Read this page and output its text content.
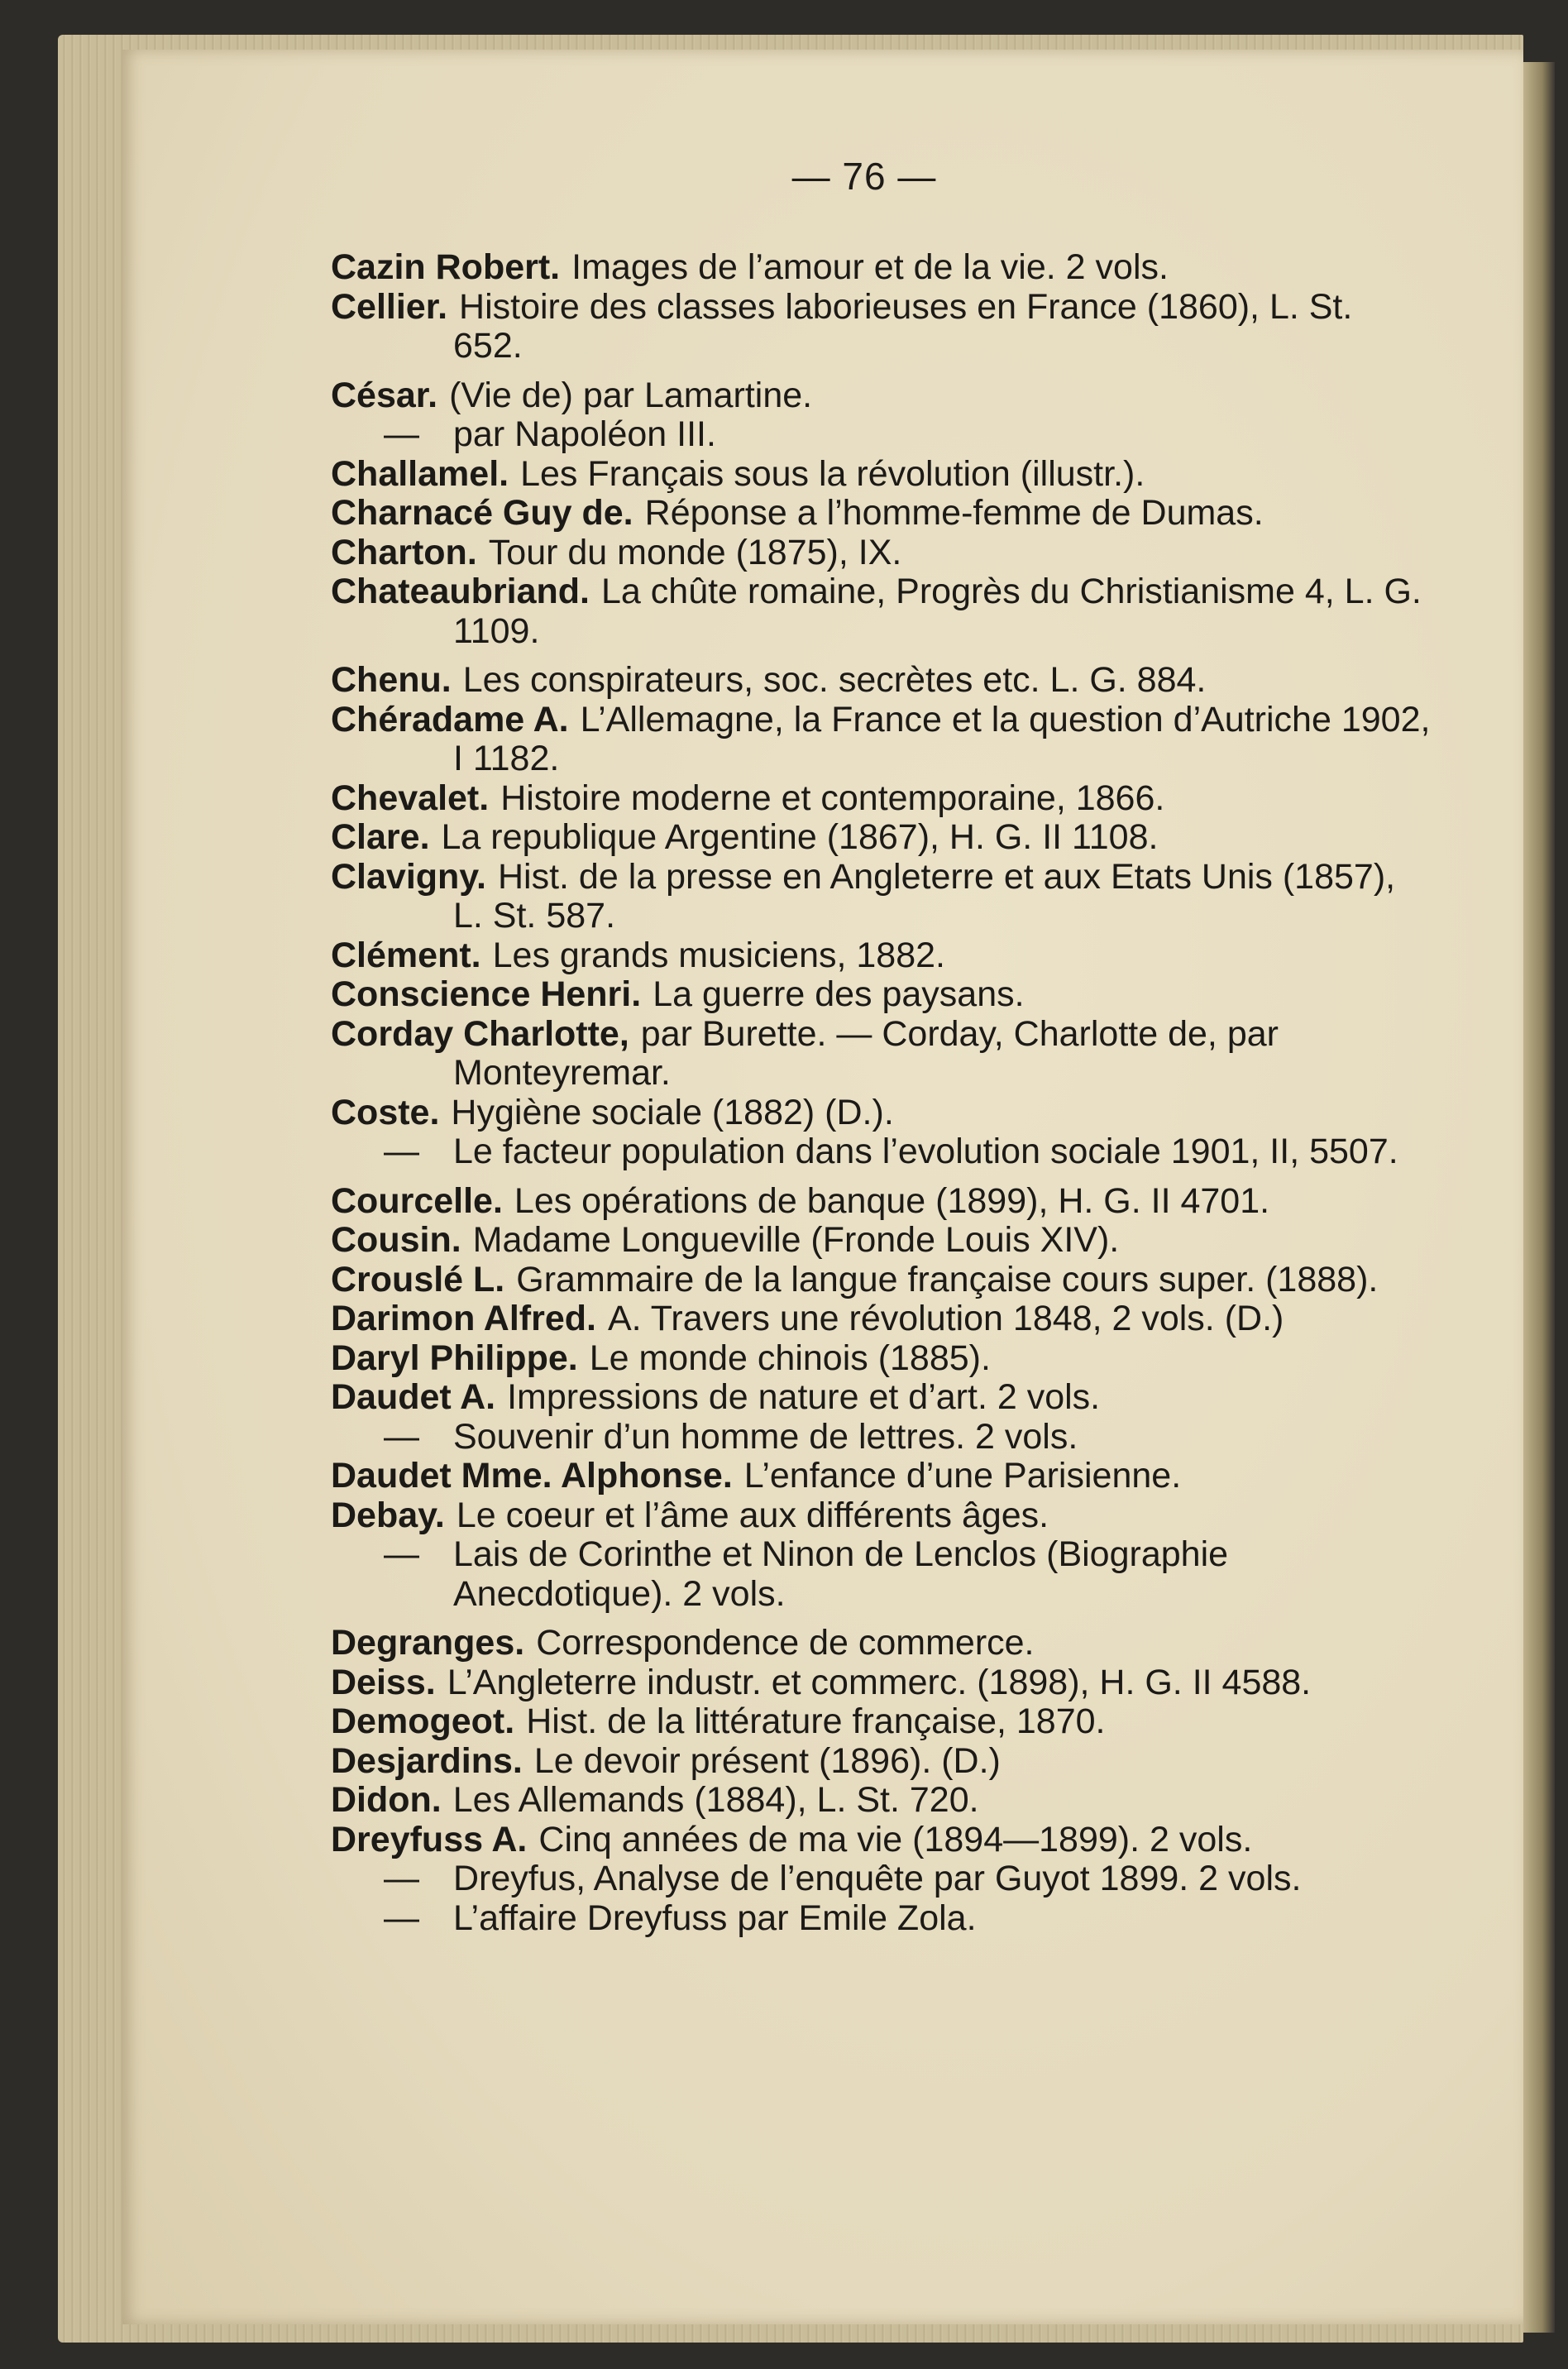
— 76 —

Cazin Robert. Images de l’amour et de la vie. 2 vols.

Cellier. Histoire des classes laborieuses en France (1860), L. St. 652.

César. (Vie de) par Lamartine.

— par Napoléon III.

Challamel. Les Français sous la révolution (illustr.).

Charnacé Guy de. Réponse a l’homme-femme de Dumas.

Charton. Tour du monde (1875), IX.

Chateaubriand. La chûte romaine, Progrès du Christianisme 4, L. G. 1109.

Chenu. Les conspirateurs, soc. secrètes etc. L. G. 884.

Chéradame A. L’Allemagne, la France et la question d’Autriche 1902, I 1182.

Chevalet. Histoire moderne et contemporaine, 1866.

Clare. La republique Argentine (1867), H. G. II 1108.

Clavigny. Hist. de la presse en Angleterre et aux Etats Unis (1857), L. St. 587.

Clément. Les grands musiciens, 1882.

Conscience Henri. La guerre des paysans.

Corday Charlotte, par Burette. — Corday, Charlotte de, par Monteyremar.

Coste. Hygiène sociale (1882) (D.).

— Le facteur population dans l’evolution sociale 1901, II, 5507.

Courcelle. Les opérations de banque (1899), H. G. II 4701.

Cousin. Madame Longueville (Fronde Louis XIV).

Crouslé L. Grammaire de la langue française cours super. (1888).

Darimon Alfred. A. Travers une révolution 1848, 2 vols. (D.)

Daryl Philippe. Le monde chinois (1885).

Daudet A. Impressions de nature et d’art. 2 vols.

— Souvenir d’un homme de lettres. 2 vols.

Daudet Mme. Alphonse. L’enfance d’une Parisienne.

Debay. Le coeur et l’âme aux différents âges.

— Lais de Corinthe et Ninon de Lenclos (Biographie Anecdotique). 2 vols.

Degranges. Correspondence de commerce.

Deiss. L’Angleterre industr. et commerc. (1898), H. G. II 4588.

Demogeot. Hist. de la littérature française, 1870.

Desjardins. Le devoir présent (1896). (D.)

Didon. Les Allemands (1884), L. St. 720.

Dreyfuss A. Cinq années de ma vie (1894—1899). 2 vols.

— Dreyfus, Analyse de l’enquête par Guyot 1899. 2 vols.

— L’affaire Dreyfuss par Emile Zola.
